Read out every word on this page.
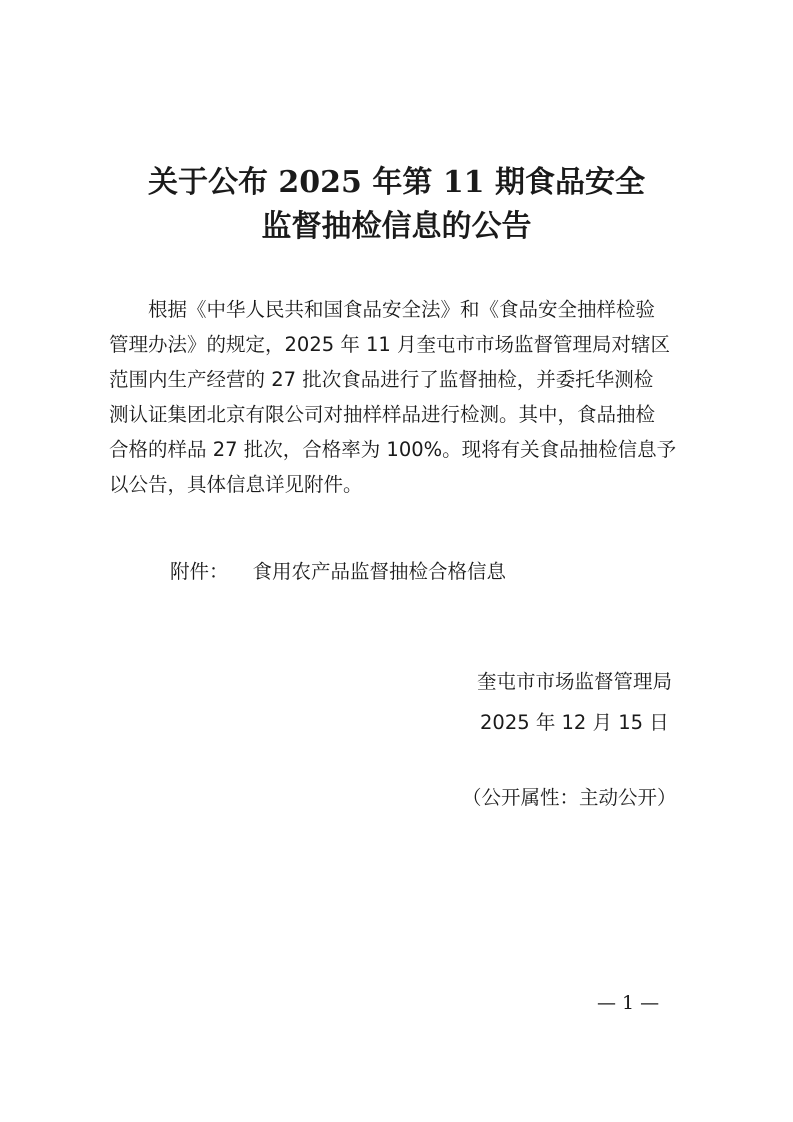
关于公布 2025 年第 11 期食品安全
监督抽检信息的公告
根据《中华人民共和国食品安全法》和《食品安全抽样检验
管理办法》的规定，2025 年 11 月奎屯市市场监督管理局对辖区
范围内生产经营的 27 批次食品进行了监督抽检，并委托华测检
测认证集团北京有限公司对抽样样品进行检测。其中，食品抽检
合格的样品 27 批次，合格率为 100%。现将有关食品抽检信息予
以公告，具体信息详见附件。
附件： 食用农产品监督抽检合格信息
奎屯市市场监督管理局
2025 年 12 月 15 日
（公开属性：主动公开）
— 1 —
